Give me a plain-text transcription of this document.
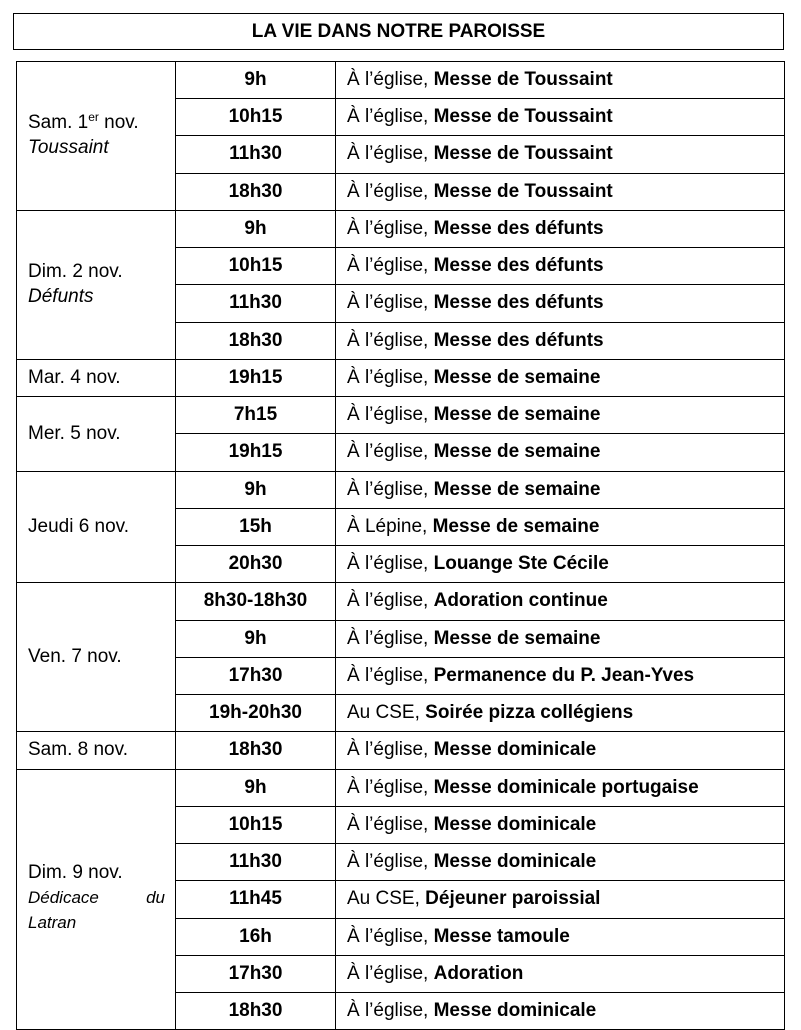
LA VIE DANS NOTRE PAROISSE
Sam. 1er nov.
Toussaint	9h	À l’église, Messe de Toussaint
	10h15	À l’église, Messe de Toussaint
	11h30	À l’église, Messe de Toussaint
	18h30	À l’église, Messe de Toussaint

Dim. 2 nov.
Défunts	9h	À l’église, Messe des défunts
	10h15	À l’église, Messe des défunts
	11h30	À l’église, Messe des défunts
	18h30	À l’église, Messe des défunts

Mar. 4 nov.	19h15	À l’église, Messe de semaine

Mer. 5 nov.	7h15	À l’église, Messe de semaine
	19h15	À l’église, Messe de semaine

Jeudi 6 nov.	9h	À l’église, Messe de semaine
	15h	À Lépine, Messe de semaine
	20h30	À l’église, Louange Ste Cécile

Ven. 7 nov.	8h30-18h30	À l’église, Adoration continue
	9h	À l’église, Messe de semaine
	17h30	À l’église, Permanence du P. Jean-Yves
	19h-20h30	Au CSE, Soirée pizza collégiens

Sam. 8 nov.	18h30	À l’église, Messe dominicale

Dim. 9 nov.
Dédicace du Latran	9h	À l’église, Messe dominicale portugaise
	10h15	À l’église, Messe dominicale
	11h30	À l’église, Messe dominicale
	11h45	Au CSE, Déjeuner paroissial
	16h	À l’église, Messe tamoule
	17h30	À l’église, Adoration
	18h30	À l’église, Messe dominicale
